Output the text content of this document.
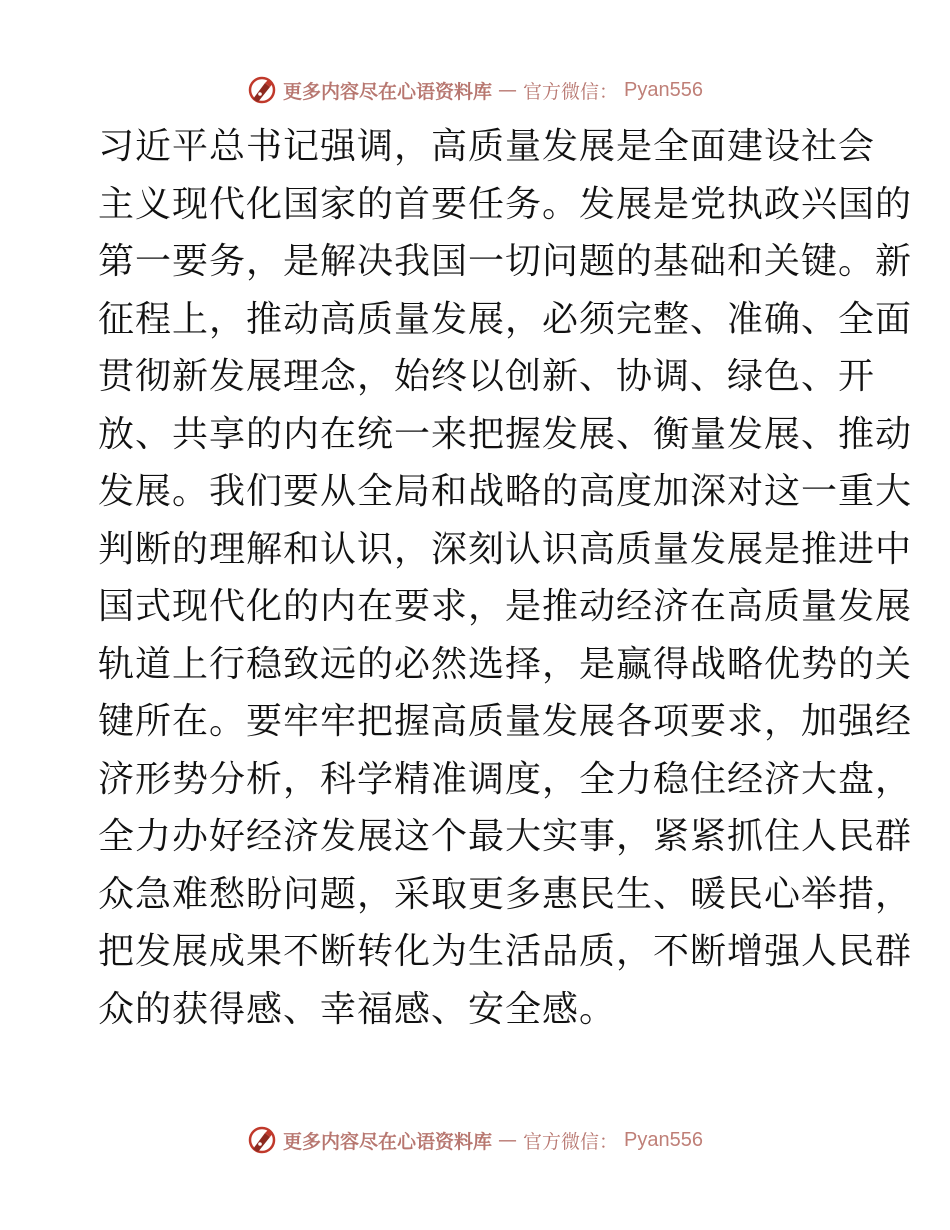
更多内容尽在心语资料库 — 官方微信： Pyan556
习近平总书记强调，高质量发展是全面建设社会
主义现代化国家的首要任务。发展是党执政兴国的
第一要务，是解决我国一切问题的基础和关键。新
征程上，推动高质量发展，必须完整、准确、全面
贯彻新发展理念，始终以创新、协调、绿色、开
放、共享的内在统一来把握发展、衡量发展、推动
发展。我们要从全局和战略的高度加深对这一重大
判断的理解和认识，深刻认识高质量发展是推进中
国式现代化的内在要求，是推动经济在高质量发展
轨道上行稳致远的必然选择，是赢得战略优势的关
键所在。要牢牢把握高质量发展各项要求，加强经
济形势分析，科学精准调度，全力稳住经济大盘，
全力办好经济发展这个最大实事，紧紧抓住人民群
众急难愁盼问题，采取更多惠民生、暖民心举措，
把发展成果不断转化为生活品质，不断增强人民群
众的获得感、幸福感、安全感。
更多内容尽在心语资料库 — 官方微信： Pyan556
